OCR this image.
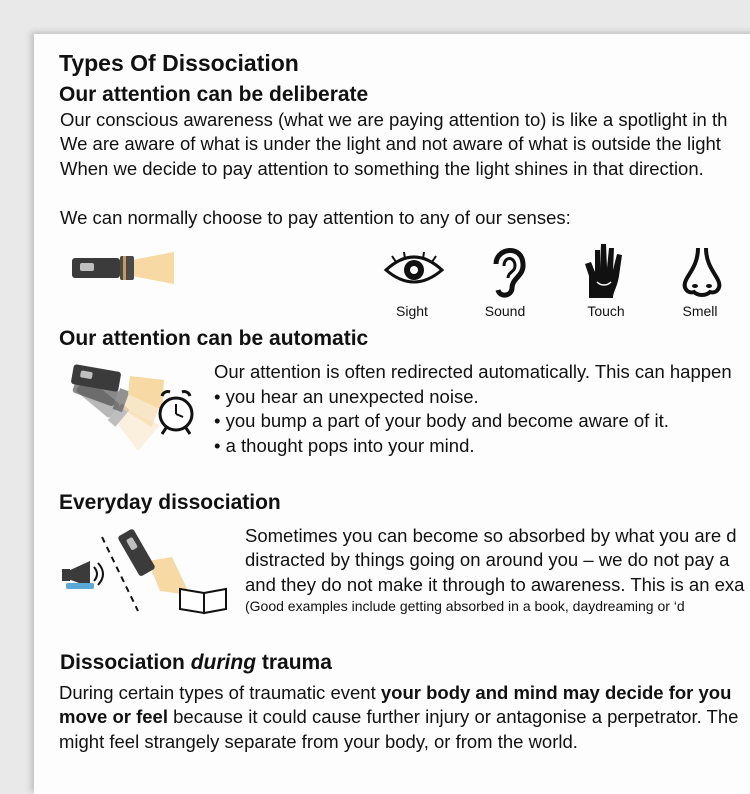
Types Of Dissociation
Our attention can be deliberate
Our conscious awareness (what we are paying attention to) is like a spotlight in th
We are aware of what is under the light and not aware of what is outside the light
When we decide to pay attention to something the light shines in that direction.
We can normally choose to pay attention to any of our senses:
Sight	Sound	Touch	Smell
Our attention can be automatic
Our attention is often redirected automatically. This can happen
• you hear an unexpected noise.
• you bump a part of your body and become aware of it.
• a thought pops into your mind.
Everyday dissociation
Sometimes you can become so absorbed by what you are d
distracted by things going on around you – we do not pay a
and they do not make it through to awareness. This is an exa
(Good examples include getting absorbed in a book, daydreaming or ‘d
Dissociation during trauma
During certain types of traumatic event your body and mind may decide for you
move or feel because it could cause further injury or antagonise a perpetrator. The
might feel strangely separate from your body, or from the world.
